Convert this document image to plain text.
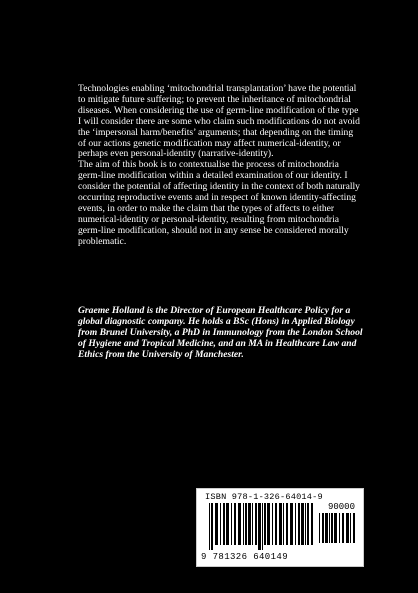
Technologies enabling ‘mitochondrial transplantation’ have the potential to mitigate future suffering; to prevent the inheritance of mitochondrial diseases. When considering the use of germ-line modification of the type I will consider there are some who claim such modifications do not avoid the ‘impersonal harm/benefits’ arguments; that depending on the timing of our actions genetic modification may affect numerical-identity, or perhaps even personal-identity (narrative-identity).

The aim of this book is to contextualise the process of mitochondria germ-line modification within a detailed examination of our identity. I consider the potential of affecting identity in the context of both naturally occurring reproductive events and in respect of known identity-affecting events, in order to make the claim that the types of affects to either numerical-identity or personal-identity, resulting from mitochondria germ-line modification, should not in any sense be considered morally problematic.

Graeme Holland is the Director of European Healthcare Policy for a global diagnostic company. He holds a BSc (Hons) in Applied Biology from Brunel University, a PhD in Immunology from the London School of Hygiene and Tropical Medicine, and an MA in Healthcare Law and Ethics from the University of Manchester.

ISBN 978-1-326-64014-9
90000
9 781326 640149
